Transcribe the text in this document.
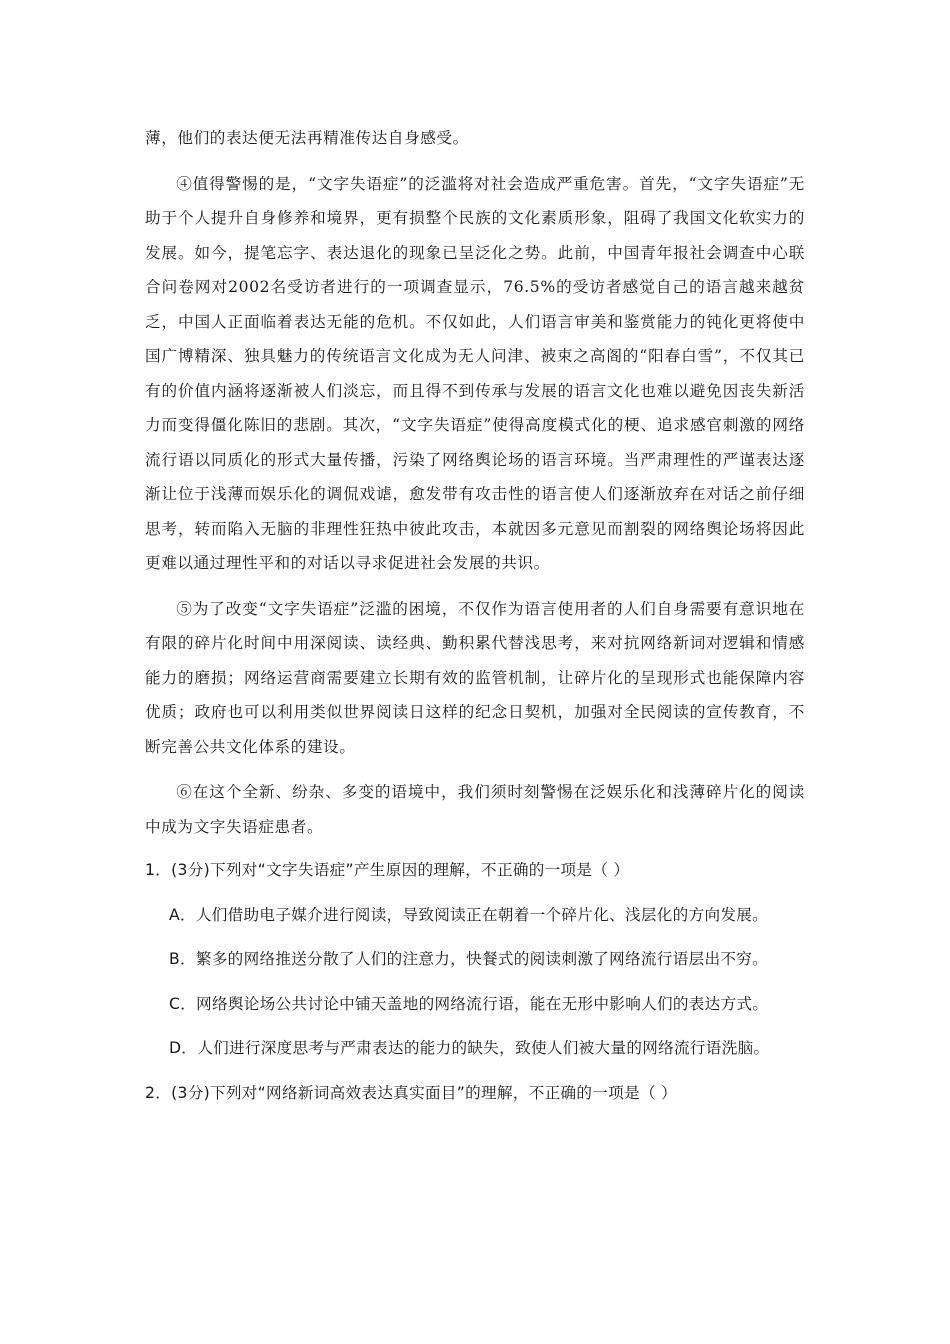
薄，他们的表达便无法再精准传达自身感受。

④值得警惕的是，“文字失语症”的泛滥将对社会造成严重危害。首先，“文字失语症”无助于个人提升自身修养和境界，更有损整个民族的文化素质形象，阻碍了我国文化软实力的发展。如今，提笔忘字、表达退化的现象已呈泛化之势。此前，中国青年报社会调查中心联合问卷网对2002名受访者进行的一项调查显示，76.5%的受访者感觉自己的语言越来越贫乏，中国人正面临着表达无能的危机。不仅如此，人们语言审美和鉴赏能力的钝化更将使中国广博精深、独具魅力的传统语言文化成为无人问津、被束之高阁的“阳春白雪”，不仅其已有的价值内涵将逐渐被人们淡忘，而且得不到传承与发展的语言文化也难以避免因丧失新活力而变得僵化陈旧的悲剧。其次，“文字失语症”使得高度模式化的梗、追求感官刺激的网络流行语以同质化的形式大量传播，污染了网络舆论场的语言环境。当严肃理性的严谨表达逐渐让位于浅薄而娱乐化的调侃戏谑，愈发带有攻击性的语言使人们逐渐放弃在对话之前仔细思考，转而陷入无脑的非理性狂热中彼此攻击，本就因多元意见而割裂的网络舆论场将因此更难以通过理性平和的对话以寻求促进社会发展的共识。

⑤为了改变“文字失语症”泛滥的困境，不仅作为语言使用者的人们自身需要有意识地在有限的碎片化时间中用深阅读、读经典、勤积累代替浅思考，来对抗网络新词对逻辑和情感能力的磨损；网络运营商需要建立长期有效的监管机制，让碎片化的呈现形式也能保障内容优质；政府也可以利用类似世界阅读日这样的纪念日契机，加强对全民阅读的宣传教育，不断完善公共文化体系的建设。

⑥在这个全新、纷杂、多变的语境中，我们须时刻警惕在泛娱乐化和浅薄碎片化的阅读中成为文字失语症患者。

1．(3分)下列对“文字失语症”产生原因的理解，不正确的一项是（ ）

A．人们借助电子媒介进行阅读，导致阅读正在朝着一个碎片化、浅层化的方向发展。

B．繁多的网络推送分散了人们的注意力，快餐式的阅读刺激了网络流行语层出不穷。

C．网络舆论场公共讨论中铺天盖地的网络流行语，能在无形中影响人们的表达方式。

D．人们进行深度思考与严肃表达的能力的缺失，致使人们被大量的网络流行语洗脑。

2．(3分)下列对“网络新词高效表达真实面目”的理解，不正确的一项是（ ）
